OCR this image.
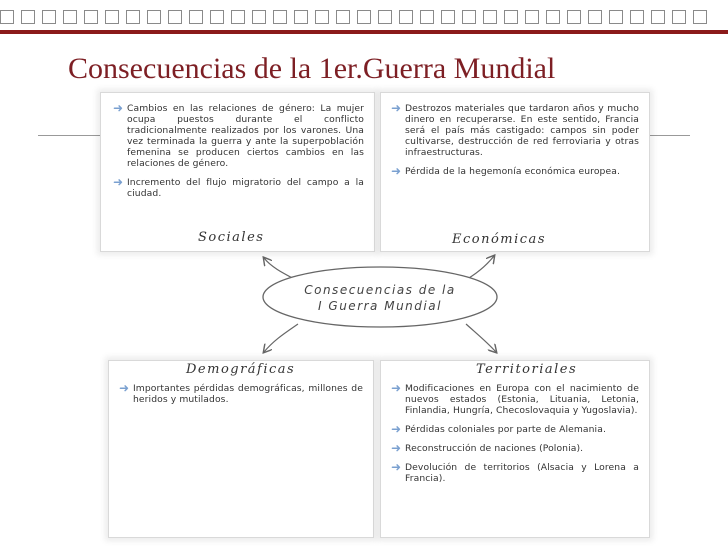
Consecuencias de la 1er.Guerra Mundial
Consecuencias de la
I Guerra Mundial
➜ Cambios en las relaciones de género: La mujer ocupa puestos durante el conflicto tradicionalmente realizados por los varones. Una vez terminada la guerra y ante la superpoblación femenina se producen ciertos cambios en las relaciones de género.
➜ Incremento del flujo migratorio del campo a la ciudad.
Sociales
➜ Destrozos materiales que tardaron años y mucho dinero en recuperarse. En este sentido, Francia será el país más castigado: campos sin poder cultivarse, destrucción de red ferroviaria y otras infraestructuras.
➜ Pérdida de la hegemonía económica europea.
Económicas
➜ Importantes pérdidas demográficas, millones de heridos y mutilados.
Demográficas
➜ Modificaciones en Europa con el nacimiento de nuevos estados (Estonia, Lituania, Letonia, Finlandia, Hungría, Checoslovaquia y Yugoslavia).
➜ Pérdidas coloniales por parte de Alemania.
➜ Reconstrucción de naciones (Polonia).
➜ Devolución de territorios (Alsacia y Lorena a Francia).
Territoriales
